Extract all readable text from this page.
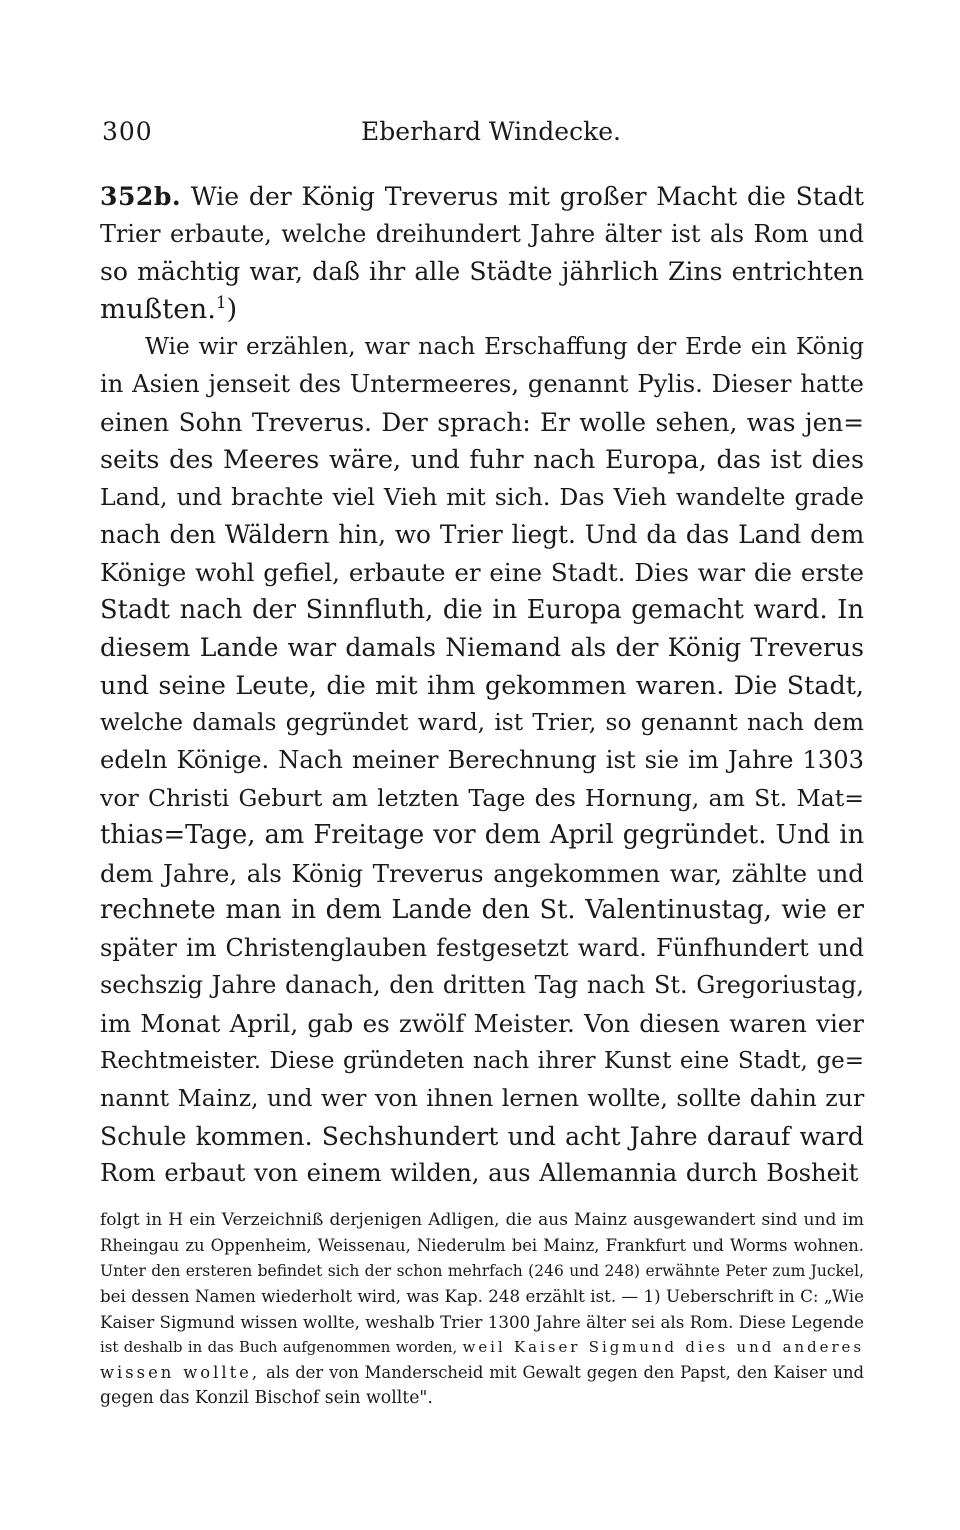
300	Eberhard Windecke.
352b. Wie der König Treverus mit großer Macht die Stadt
Trier erbaute, welche dreihundert Jahre älter ist als Rom und
so mächtig war, daß ihr alle Städte jährlich Zins entrichten
mußten.$^1$)
Wie wir erzählen, war nach Erschaffung der Erde ein König
in Asien jenseit des Untermeeres, genannt Pylis. Dieser hatte
einen Sohn Treverus. Der sprach: Er wolle sehen, was jen=
seits des Meeres wäre, und fuhr nach Europa, das ist dies
Land, und brachte viel Vieh mit sich. Das Vieh wandelte grade
nach den Wäldern hin, wo Trier liegt. Und da das Land dem
Könige wohl gefiel, erbaute er eine Stadt. Dies war die erste
Stadt nach der Sinnfluth, die in Europa gemacht ward. In
diesem Lande war damals Niemand als der König Treverus
und seine Leute, die mit ihm gekommen waren. Die Stadt,
welche damals gegründet ward, ist Trier, so genannt nach dem
edeln Könige. Nach meiner Berechnung ist sie im Jahre 1303
vor Christi Geburt am letzten Tage des Hornung, am St. Mat=
thias=Tage, am Freitage vor dem April gegründet. Und in
dem Jahre, als König Treverus angekommen war, zählte und
rechnete man in dem Lande den St. Valentinustag, wie er
später im Christenglauben festgesetzt ward. Fünfhundert und
sechszig Jahre danach, den dritten Tag nach St. Gregoriustag,
im Monat April, gab es zwölf Meister. Von diesen waren vier
Rechtmeister. Diese gründeten nach ihrer Kunst eine Stadt, ge=
nannt Mainz, und wer von ihnen lernen wollte, sollte dahin zur
Schule kommen. Sechshundert und acht Jahre darauf ward
Rom erbaut von einem wilden, aus Allemannia durch Bosheit
folgt in H ein Verzeichniß derjenigen Adligen, die aus Mainz ausgewandert sind und im
Rheingau zu Oppenheim, Weissenau, Niederulm bei Mainz, Frankfurt und Worms wohnen.
Unter den ersteren befindet sich der schon mehrfach (246 und 248) erwähnte Peter zum Juckel,
bei dessen Namen wiederholt wird, was Kap. 248 erzählt ist. — 1) Ueberschrift in C: „Wie
Kaiser Sigmund wissen wollte, weshalb Trier 1300 Jahre älter sei als Rom. Diese Legende
ist deshalb in das Buch aufgenommen worden, weil Kaiser Sigmund dies und anderes
wissen wollte, als der von Manderscheid mit Gewalt gegen den Papst, den Kaiser und
gegen das Konzil Bischof sein wollte".
